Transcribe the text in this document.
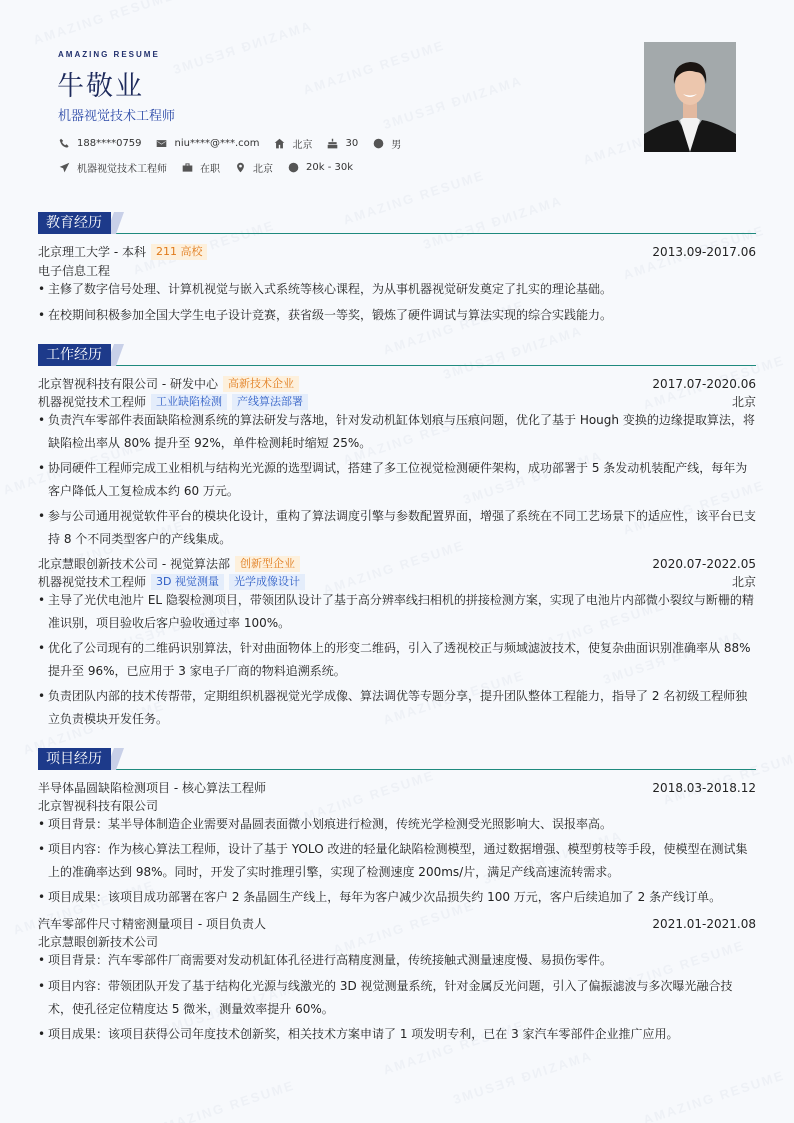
AMAZING RESUME
牛敬业
机器视觉技术工程师
188****0759	niu****@***.com	北京	30	男
机器视觉技术工程师	在职	北京	20k - 30k
教育经历
北京理工大学 - 本科 211 高校	2013.09-2017.06
电子信息工程
• 主修了数字信号处理、计算机视觉与嵌入式系统等核心课程，为从事机器视觉研发奠定了扎实的理论基础。
• 在校期间积极参加全国大学生电子设计竞赛，获省级一等奖，锻炼了硬件调试与算法实现的综合实践能力。
工作经历
北京智视科技有限公司 - 研发中心 高新技术企业	2017.07-2020.06
机器视觉技术工程师 工业缺陷检测	产线算法部署	北京
• 负责汽车零部件表面缺陷检测系统的算法研发与落地，针对发动机缸体划痕与压痕问题，优化了基于 Hough 变换的边缘提取算法，将缺陷检出率从 80% 提升至 92%，单件检测耗时缩短 25%。
• 协同硬件工程师完成工业相机与结构光光源的选型调试，搭建了多工位视觉检测硬件架构，成功部署于 5 条发动机装配产线，每年为客户降低人工复检成本约 60 万元。
• 参与公司通用视觉软件平台的模块化设计，重构了算法调度引擎与参数配置界面，增强了系统在不同工艺场景下的适应性，该平台已支持 8 个不同类型客户的产线集成。
北京慧眼创新技术公司 - 视觉算法部 创新型企业	2020.07-2022.05
机器视觉技术工程师 3D 视觉测量	光学成像设计	北京
• 主导了光伏电池片 EL 隐裂检测项目，带领团队设计了基于高分辨率线扫相机的拼接检测方案，实现了电池片内部微小裂纹与断栅的精准识别，项目验收后客户验收通过率 100%。
• 优化了公司现有的二维码识别算法，针对曲面物体上的形变二维码，引入了透视校正与频域滤波技术，使复杂曲面识别准确率从 88% 提升至 96%，已应用于 3 家电子厂商的物料追溯系统。
• 负责团队内部的技术传帮带，定期组织机器视觉光学成像、算法调优等专题分享，提升团队整体工程能力，指导了 2 名初级工程师独立负责模块开发任务。
项目经历
半导体晶圆缺陷检测项目 - 核心算法工程师	2018.03-2018.12
北京智视科技有限公司
• 项目背景：某半导体制造企业需要对晶圆表面微小划痕进行检测，传统光学检测受光照影响大、误报率高。
• 项目内容：作为核心算法工程师，设计了基于 YOLO 改进的轻量化缺陷检测模型，通过数据增强、模型剪枝等手段，使模型在测试集上的准确率达到 98%。同时，开发了实时推理引擎，实现了检测速度 200ms/片，满足产线高速流转需求。
• 项目成果：该项目成功部署在客户 2 条晶圆生产线上，每年为客户减少次品损失约 100 万元，客户后续追加了 2 条产线订单。
汽车零部件尺寸精密测量项目 - 项目负责人	2021.01-2021.08
北京慧眼创新技术公司
• 项目背景：汽车零部件厂商需要对发动机缸体孔径进行高精度测量，传统接触式测量速度慢、易损伤零件。
• 项目内容：带领团队开发了基于结构化光源与线激光的 3D 视觉测量系统，针对金属反光问题，引入了偏振滤波与多次曝光融合技术，使孔径定位精度达 5 微米，测量效率提升 60%。
• 项目成果：该项目获得公司年度技术创新奖，相关技术方案申请了 1 项发明专利，已在 3 家汽车零部件企业推广应用。
